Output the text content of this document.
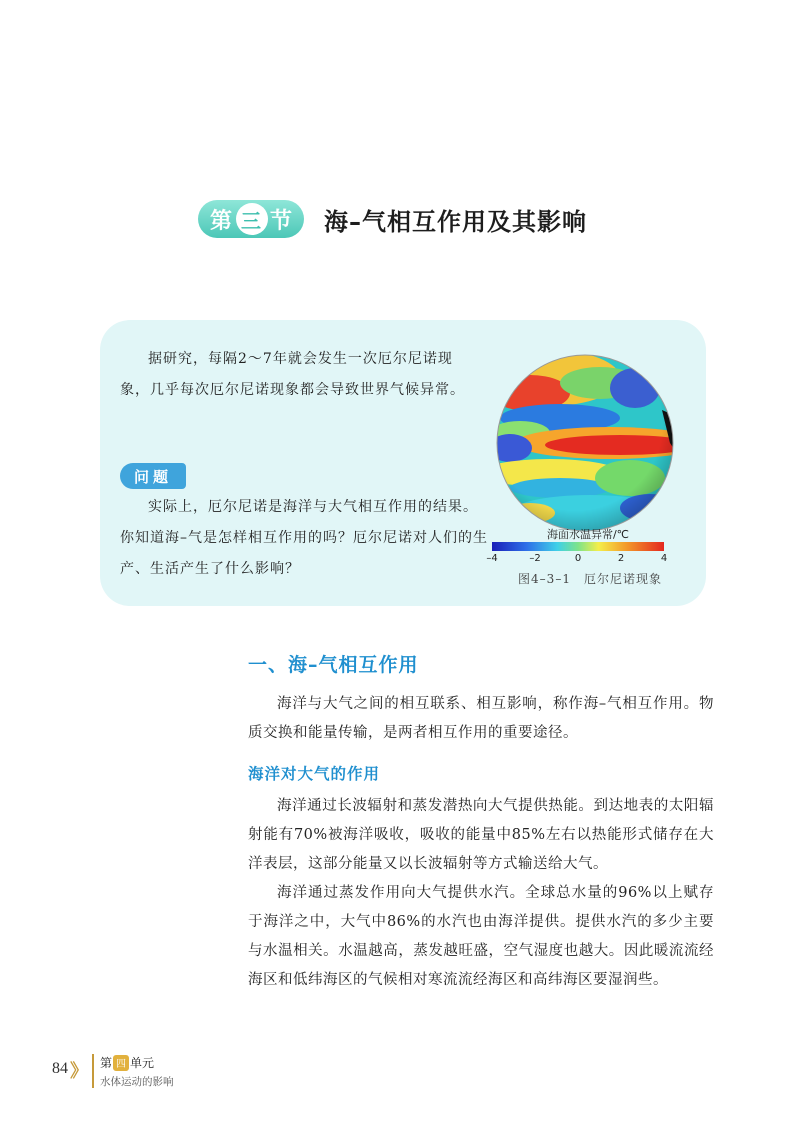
第 三 节 海–气相互作用及其影响

据研究，每隔2～7年就会发生一次厄尔尼诺现象，几乎每次厄尔尼诺现象都会导致世界气候异常。

问题

实际上，厄尔尼诺是海洋与大气相互作用的结果。你知道海–气是怎样相互作用的吗？厄尔尼诺对人们的生产、生活产生了什么影响？

海面水温异常/℃
–4	–2	0	2	4
图4–3–1　厄尔尼诺现象
一、海–气相互作用

海洋与大气之间的相互联系、相互影响，称作海–气相互作用。物质交换和能量传输，是两者相互作用的重要途径。

海洋对大气的作用

海洋通过长波辐射和蒸发潜热向大气提供热能。到达地表的太阳辐射能有70%被海洋吸收，吸收的能量中85%左右以热能形式储存在大洋表层，这部分能量又以长波辐射等方式输送给大气。

海洋通过蒸发作用向大气提供水汽。全球总水量的96%以上赋存于海洋之中，大气中86%的水汽也由海洋提供。提供水汽的多少主要与水温相关。水温越高，蒸发越旺盛，空气湿度也越大。因此暖流流经海区和低纬海区的气候相对寒流流经海区和高纬海区要湿润些。

84 》 第 四 单元
水体运动的影响
